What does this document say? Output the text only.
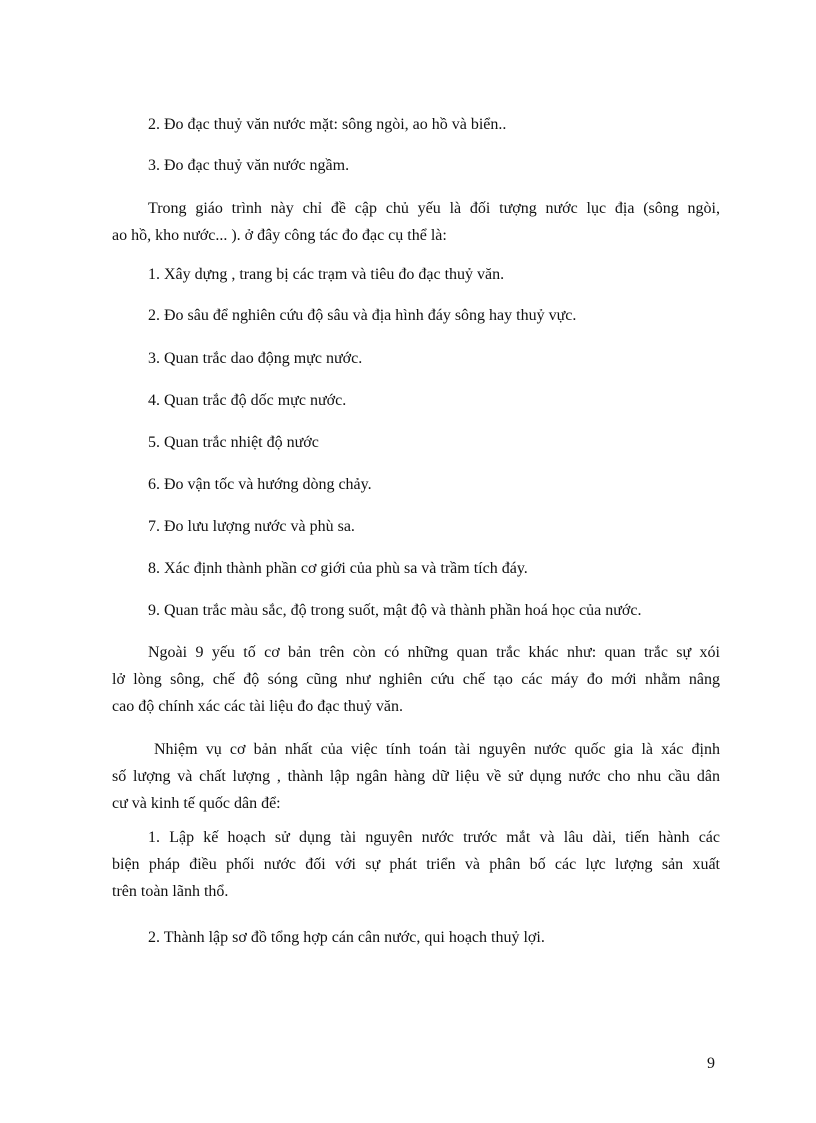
2. Đo đạc thuỷ văn nước mặt: sông ngòi, ao hồ và biển..
3. Đo đạc thuỷ văn nước ngầm.
Trong giáo trình này chỉ đề cập chủ yếu là đối tượng nước lục địa (sông ngòi,
ao hồ, kho nước... ). ở đây công tác đo đạc cụ thể là:
1. Xây dựng , trang bị các trạm và tiêu đo đạc thuỷ văn.
2. Đo sâu để nghiên cứu độ sâu và địa hình đáy sông hay thuỷ vực.
3. Quan trắc dao động mực nước.
4. Quan trắc độ dốc mực nước.
5. Quan trắc nhiệt độ nước
6. Đo vận tốc và hướng dòng chảy.
7. Đo lưu lượng nước và phù sa.
8. Xác định thành phần cơ giới của phù sa và trầm tích đáy.
9. Quan trắc màu sắc, độ trong suốt, mật độ và thành phần hoá học của nước.
Ngoài 9 yếu tố cơ bản trên còn có những quan trắc khác như: quan trắc sự xói
lở lòng sông, chế độ sóng cũng như nghiên cứu chế tạo các máy đo mới nhằm nâng
cao độ chính xác các tài liệu đo đạc thuỷ văn.
Nhiệm vụ cơ bản nhất của việc tính toán tài nguyên nước quốc gia là xác định
số lượng và chất lượng , thành lập ngân hàng dữ liệu về sử dụng nước cho nhu cầu dân
cư và kinh tế quốc dân để:
1. Lập kế hoạch sử dụng tài nguyên nước trước mắt và lâu dài, tiến hành các
biện pháp điều phối nước đối với sự phát triển và phân bố các lực lượng sản xuất
trên toàn lãnh thổ.
2. Thành lập sơ đồ tổng hợp cán cân nước, qui hoạch thuỷ lợi.
9
